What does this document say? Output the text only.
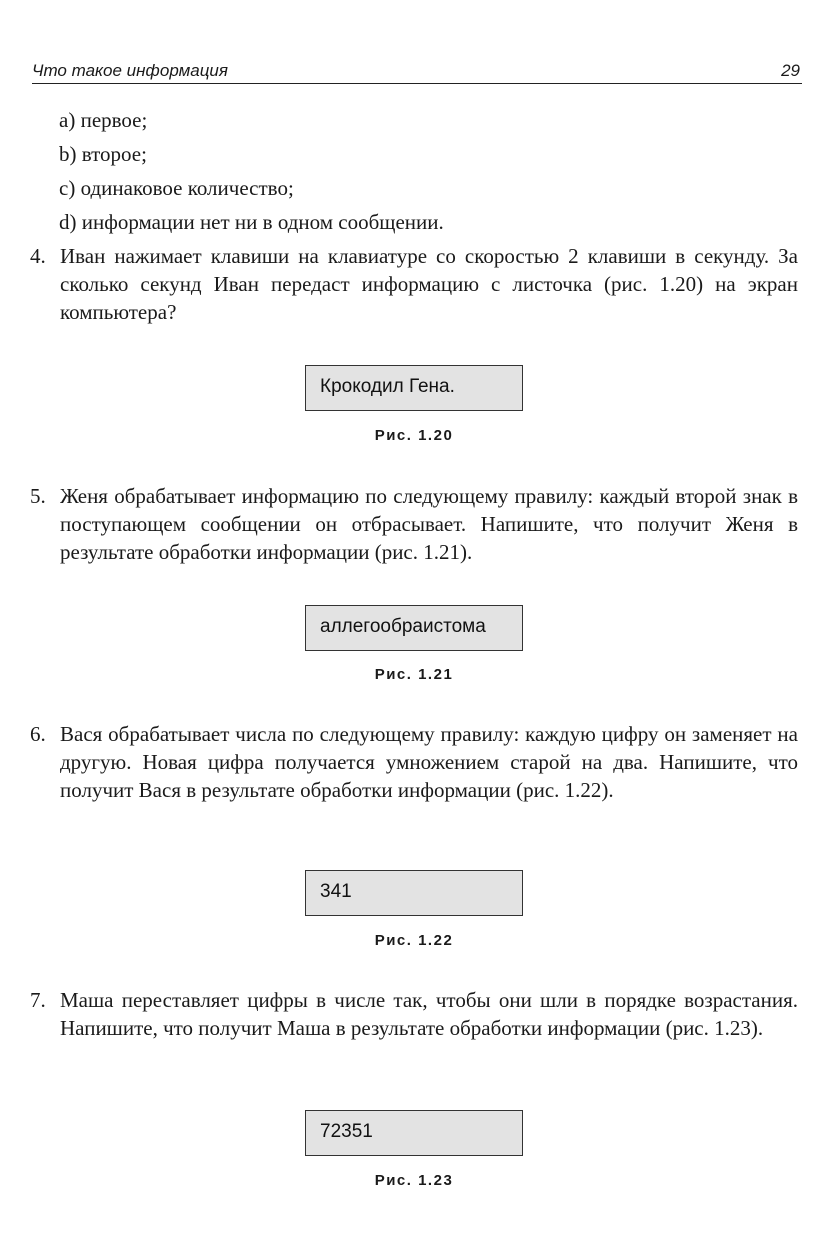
Что такое информация	29
a) первое;
b) второе;
c) одинаковое количество;
d) информации нет ни в одном сообщении.
4. Иван нажимает клавиши на клавиатуре со скоростью 2 клавиши в секунду. За сколько секунд Иван передаст информацию с листочка (рис. 1.20) на экран компьютера?
5. Женя обрабатывает информацию по следующему правилу: каждый второй знак в поступающем сообщении он отбрасывает. Напишите, что получит Женя в результате обработки информации (рис. 1.21).
6. Вася обрабатывает числа по следующему правилу: каждую цифру он заменяет на другую. Новая цифра получается умножением старой на два. Напишите, что получит Вася в результате обработки информации (рис. 1.22).
7. Маша переставляет цифры в числе так, чтобы они шли в порядке возрастания. Напишите, что получит Маша в результате обработки информации (рис. 1.23).
Крокодил Гена.
Рис. 1.20
аллегообраистома
Рис. 1.21
341
Рис. 1.22
72351
Рис. 1.23
